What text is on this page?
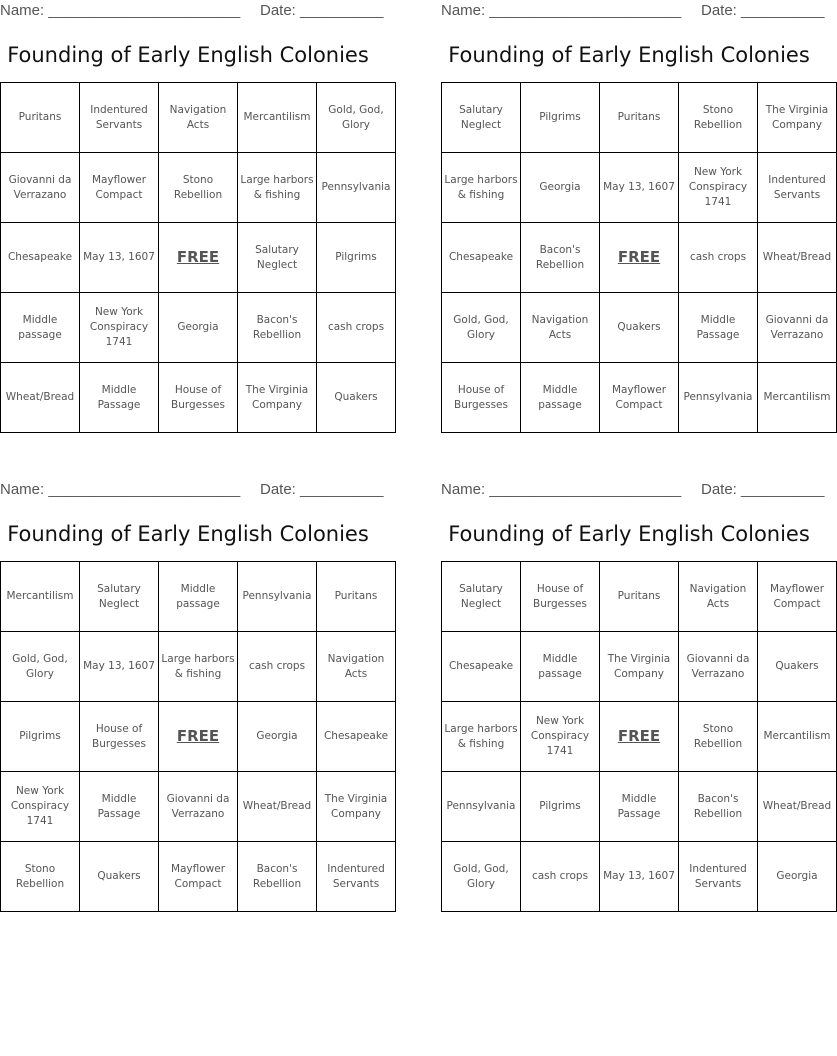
Name: _______________________ Date: __________
Founding of Early English Colonies
Puritans	Indentured Servants	Navigation Acts	Mercantilism	Gold, God, Glory
Giovanni da Verrazano	Mayflower Compact	Stono Rebellion	Large harbors & fishing	Pennsylvania
Chesapeake	May 13, 1607	FREE	Salutary Neglect	Pilgrims
Middle passage	New York Conspiracy 1741	Georgia	Bacon's Rebellion	cash crops
Wheat/Bread	Middle Passage	House of Burgesses	The Virginia Company	Quakers
Name: _______________________ Date: __________
Founding of Early English Colonies
Salutary Neglect	Pilgrims	Puritans	Stono Rebellion	The Virginia Company
Large harbors & fishing	Georgia	May 13, 1607	New York Conspiracy 1741	Indentured Servants
Chesapeake	Bacon's Rebellion	FREE	cash crops	Wheat/Bread
Gold, God, Glory	Navigation Acts	Quakers	Middle Passage	Giovanni da Verrazano
House of Burgesses	Middle passage	Mayflower Compact	Pennsylvania	Mercantilism
Name: _______________________ Date: __________
Founding of Early English Colonies
Mercantilism	Salutary Neglect	Middle passage	Pennsylvania	Puritans
Gold, God, Glory	May 13, 1607	Large harbors & fishing	cash crops	Navigation Acts
Pilgrims	House of Burgesses	FREE	Georgia	Chesapeake
New York Conspiracy 1741	Middle Passage	Giovanni da Verrazano	Wheat/Bread	The Virginia Company
Stono Rebellion	Quakers	Mayflower Compact	Bacon's Rebellion	Indentured Servants
Name: _______________________ Date: __________
Founding of Early English Colonies
Salutary Neglect	House of Burgesses	Puritans	Navigation Acts	Mayflower Compact
Chesapeake	Middle passage	The Virginia Company	Giovanni da Verrazano	Quakers
Large harbors & fishing	New York Conspiracy 1741	FREE	Stono Rebellion	Mercantilism
Pennsylvania	Pilgrims	Middle Passage	Bacon's Rebellion	Wheat/Bread
Gold, God, Glory	cash crops	May 13, 1607	Indentured Servants	Georgia
